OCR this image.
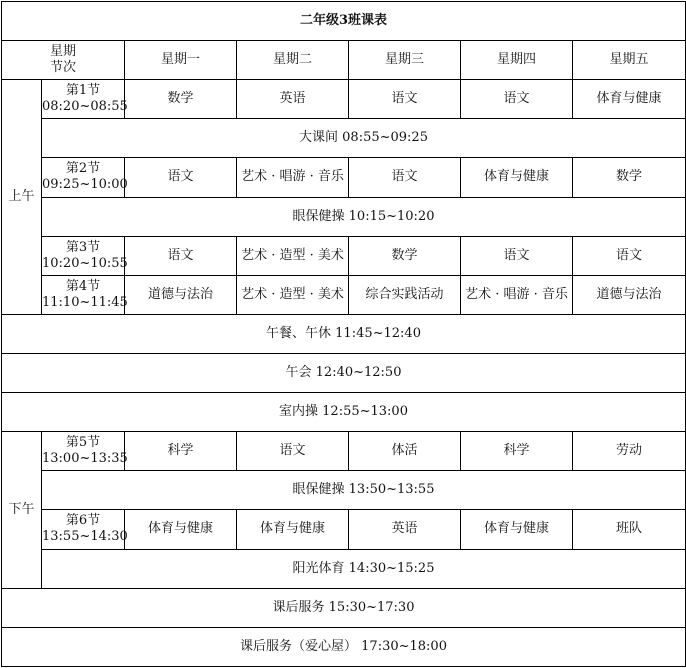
二年级3班课表						

星期
节次		星期一	星期二	星期三	星期四	星期五
上午	第1节
08:20~08:55	数学	英语	语文	语文	体育与健康
	大课间 08:55~09:25					

	第2节
09:25~10:00	语文	艺术 · 唱游 · 音乐	语文	体育与健康	数学
	眼保健操 10:15~10:20					

	第3节
10:20~10:55	语文	艺术 · 造型 · 美术	数学	语文	语文

	第4节
11:10~11:45	道德与法治	艺术 · 造型 · 美术	综合实践活动	艺术 · 唱游 · 音乐	道德与法治
午餐、午休 11:45~12:40						
午会 12:40~12:50						
室内操 12:55~13:00						
下午	第5节
13:00~13:35	科学	语文	体活	科学	劳动
	眼保健操 13:50~13:55					

	第6节
13:55~14:30	体育与健康	体育与健康	英语	体育与健康	班队
	阳光体育 14:30~15:25					
课后服务 15:30~17:30						
课后服务（爱心屋） 17:30~18:00						
